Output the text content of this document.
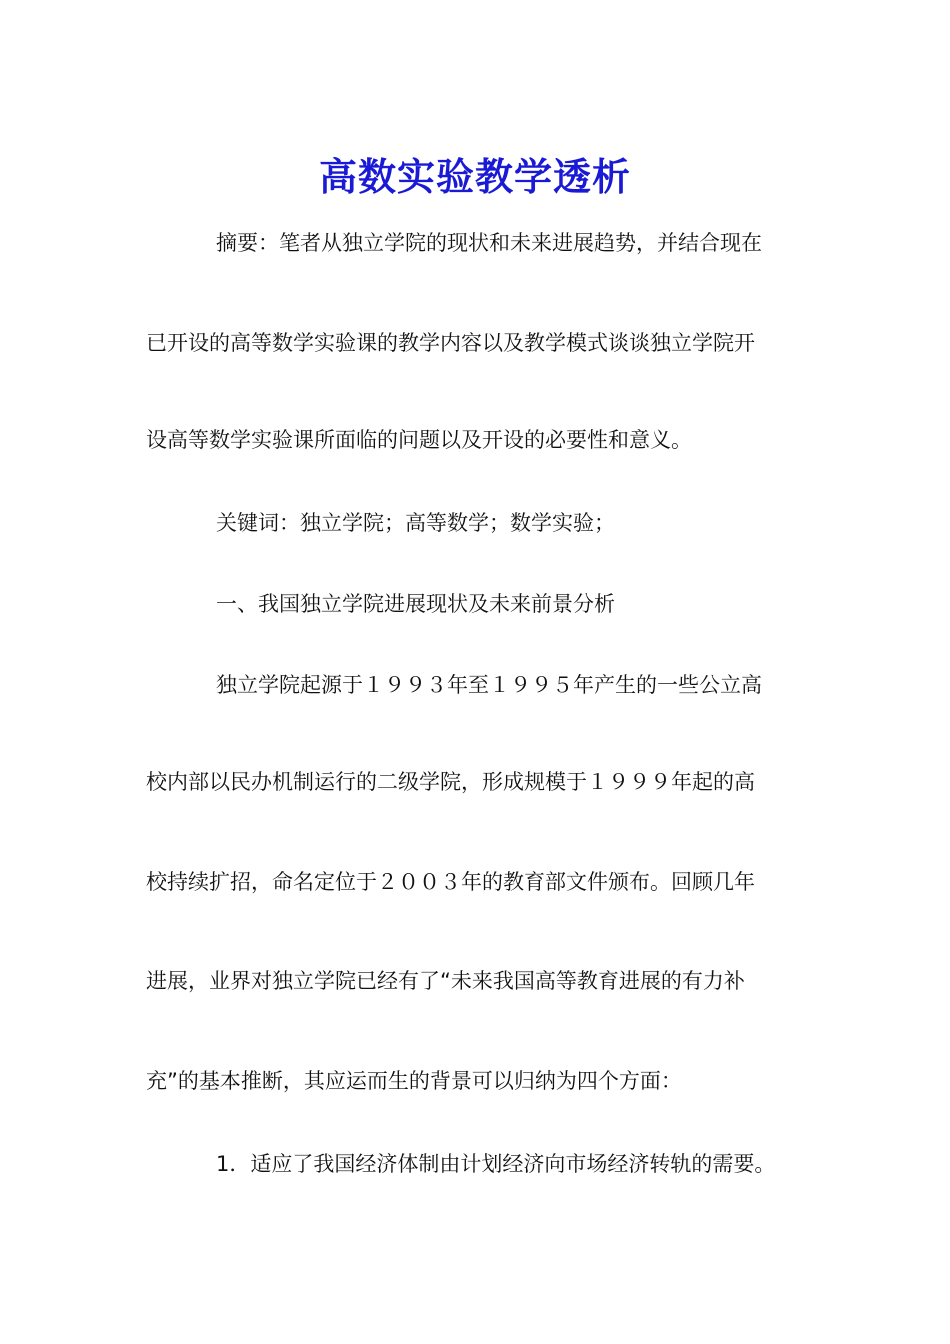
高数实验教学透析
摘要：笔者从独立学院的现状和未来进展趋势，并结合现在
已开设的高等数学实验课的教学内容以及教学模式谈谈独立学院开
设高等数学实验课所面临的问题以及开设的必要性和意义。
关键词：独立学院；高等数学；数学实验；
一、我国独立学院进展现状及未来前景分析
独立学院起源于１９９３年至１９９５年产生的一些公立高
校内部以民办机制运行的二级学院，形成规模于１９９９年起的高
校持续扩招，命名定位于２００３年的教育部文件颁布。回顾几年
进展，业界对独立学院已经有了“未来我国高等教育进展的有力补
充”的基本推断，其应运而生的背景可以归纳为四个方面：
1．适应了我国经济体制由计划经济向市场经济转轨的需要。
